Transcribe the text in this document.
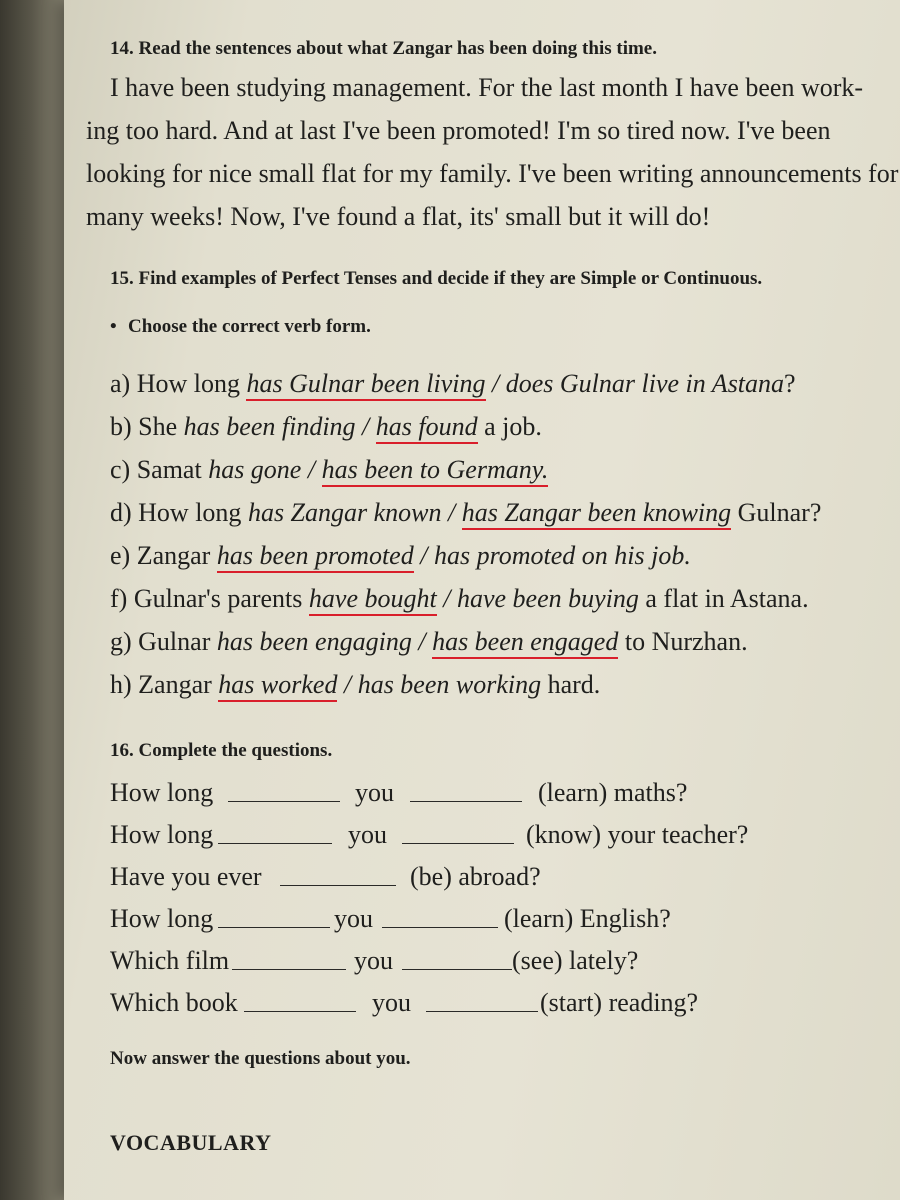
14. Read the sentences about what Zangar has been doing this time.

I have been studying management. For the last month I have been work-
ing too hard. And at last I've been promoted! I'm so tired now. I've been
looking for nice small flat for my family. I've been writing announcements for
many weeks! Now, I've found a flat, its' small but it will do!

15. Find examples of Perfect Tenses and decide if they are Simple or Continuous.
• Choose the correct verb form.
a) How long has Gulnar been living / does Gulnar live in Astana?
b) She has been finding / has found a job.
c) Samat has gone / has been to Germany.
d) How long has Zangar known / has Zangar been knowing Gulnar?
e) Zangar has been promoted / has promoted on his job.
f) Gulnar's parents have bought / have been buying a flat in Astana.
g) Gulnar has been engaging / has been engaged to Nurzhan.
h) Zangar has worked / has been working hard.
16. Complete the questions.
How long	you	(learn) maths?
How long	you	(know) your teacher?
Have you ever	(be) abroad?
How long	you	(learn) English?
Which film	you	(see) lately?
Which book	you	(start) reading?
Now answer the questions about you.
VOCABULARY
